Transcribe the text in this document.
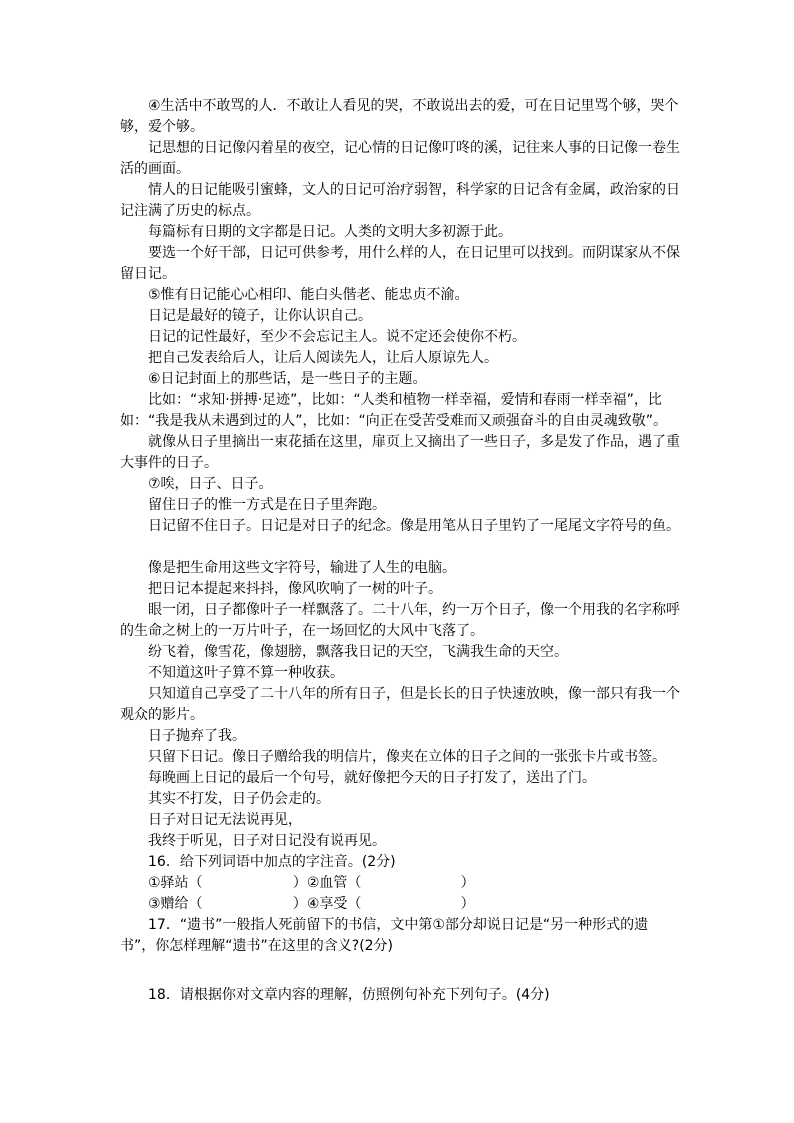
④生活中不敢骂的人．不敢让人看见的哭，不敢说出去的爱，可在日记里骂个够，哭个够，爱个够。

记思想的日记像闪着星的夜空，记心情的日记像叮咚的溪，记往来人事的日记像一卷生活的画面。

情人的日记能吸引蜜蜂，文人的日记可治疗弱智，科学家的日记含有金属，政治家的日记注满了历史的标点。

每篇标有日期的文字都是日记。人类的文明大多初源于此。

要选一个好干部，日记可供参考，用什么样的人，在日记里可以找到。而阴谋家从不保留日记。

⑤惟有日记能心心相印、能白头偕老、能忠贞不渝。

日记是最好的镜子，让你认识自己。

日记的记性最好，至少不会忘记主人。说不定还会使你不朽。

把自己发表给后人，让后人阅读先人，让后人原谅先人。

⑥日记封面上的那些话，是一些日子的主题。

比如：“求知·拼搏·足迹”，比如：“人类和植物一样幸福，爱情和春雨一样幸福”，比如：“我是我从未遇到过的人”，比如：“向正在受苦受难而又顽强奋斗的自由灵魂致敬”。

就像从日子里摘出一束花插在这里，扉页上又摘出了一些日子，多是发了作品，遇了重大事件的日子。

⑦唉，日子、日子。

留住日子的惟一方式是在日子里奔跑。

日记留不住日子。日记是对日子的纪念。像是用笔从日子里钓了一尾尾文字符号的鱼。

像是把生命用这些文字符号，输进了人生的电脑。

把日记本提起来抖抖，像风吹响了一树的叶子。

眼一闭，日子都像叶子一样飘落了。二十八年，约一万个日子，像一个用我的名字称呼的生命之树上的一万片叶子，在一场回忆的大风中飞落了。

纷飞着，像雪花，像翅膀，飘落我日记的天空，飞满我生命的天空。

不知道这叶子算不算一种收获。

只知道自己享受了二十八年的所有日子，但是长长的日子快速放映，像一部只有我一个观众的影片。

日子抛弃了我。

只留下日记。像日子赠给我的明信片，像夹在立体的日子之间的一张张卡片或书签。

每晚画上日记的最后一个句号，就好像把今天的日子打发了，送出了门。

其实不打发，日子仍会走的。

日子对日记无法说再见，

我终于听见，日子对日记没有说再见。

16．给下列词语中加点的字注音。(2分)

①驿站（	）②血管（	）

③赠给（	）④享受（	）

17．“遗书”一般指人死前留下的书信，文中第①部分却说日记是“另一种形式的遗书”，你怎样理解“遗书”在这里的含义?(2分)

18．请根据你对文章内容的理解，仿照例句补充下列句子。(4分)
